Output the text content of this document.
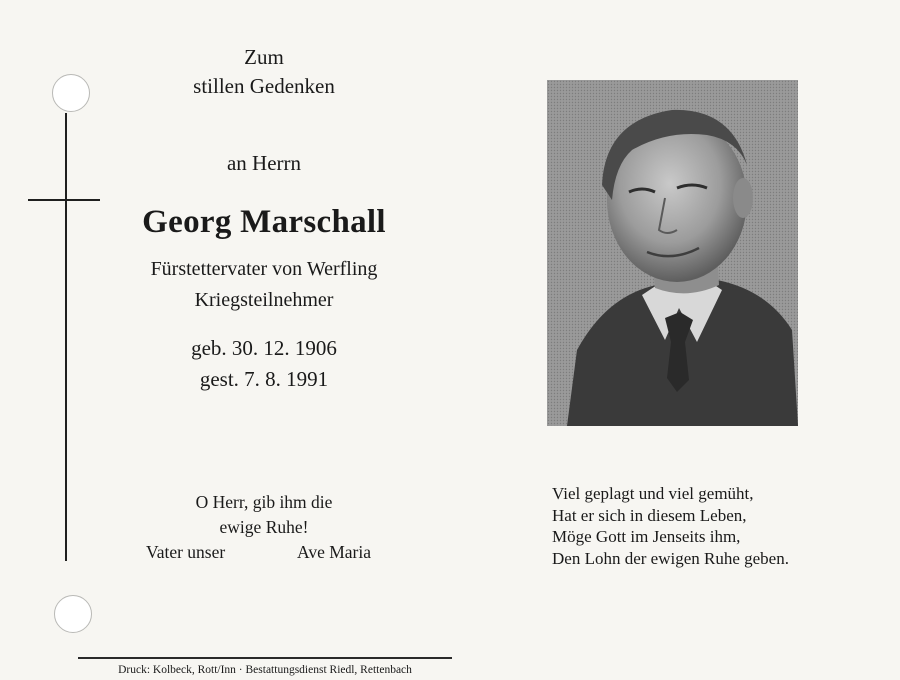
Zum
stillen Gedenken
an Herrn
Georg Marschall
Fürstettervater von Werfling
Kriegsteilnehmer
geb. 30. 12. 1906
gest. 7. 8. 1991
O Herr, gib ihm die
ewige Ruhe!
Vater unser	Ave Maria
Viel geplagt und viel gemüht,
Hat er sich in diesem Leben,
Möge Gott im Jenseits ihm,
Den Lohn der ewigen Ruhe geben.
Druck: Kolbeck, Rott/Inn · Bestattungsdienst Riedl, Rettenbach
